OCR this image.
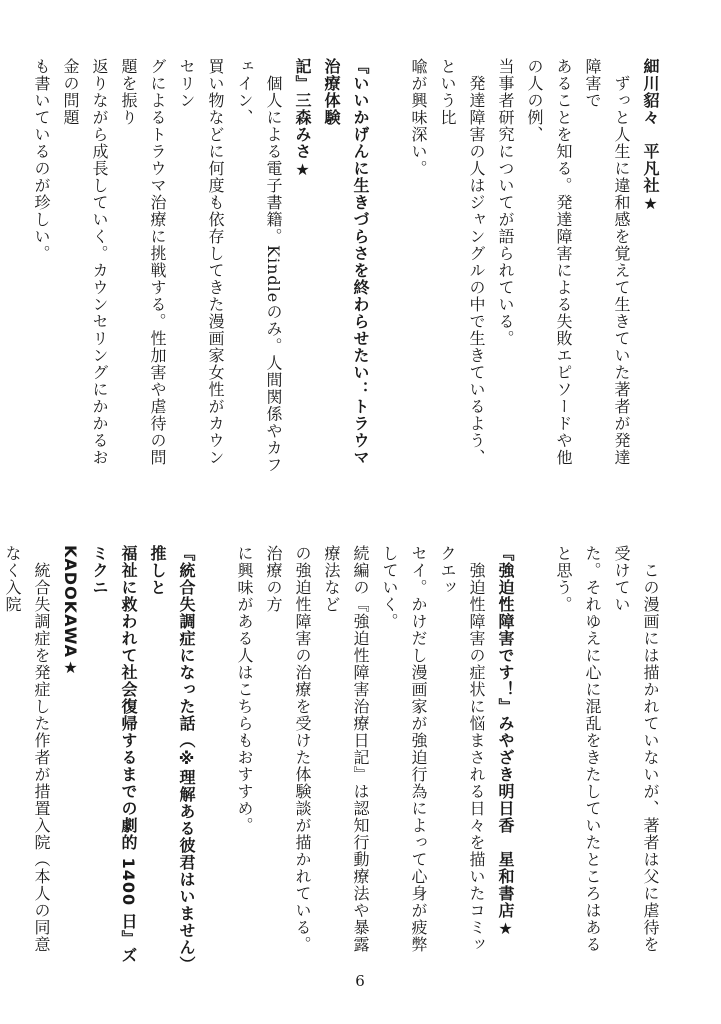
細川貂々　平凡社★
　ずっと人生に違和感を覚えて生きていた著者が発達障害で
あることを知る。発達障害による失敗エピソードや他の人の例、
当事者研究についてが語られている。
　発達障害の人はジャングルの中で生きているよう、という比
喩が興味深い。

『いいかげんに生きづらさを終わらせたい：トラウマ治療体験
記』三森みさ★
　個人による電子書籍。Kindleのみ。人間関係やカフェイン、
買い物などに何度も依存してきた漫画家女性がカウンセリン
グによるトラウマ治療に挑戦する。性加害や虐待の問題を振り
返りながら成長していく。カウンセリングにかかるお金の問題
も書いているのが珍しい。

　この漫画には描かれていないが、著者は父に虐待を受けてい
た。それゆえに心に混乱をきたしていたところはあると思う。

『強迫性障害です！』みやざき明日香　星和書店★
　強迫性障害の症状に悩まされる日々を描いたコミックエッ
セイ。かけだし漫画家が強迫行為によって心身が疲弊していく。
続編の『強迫性障害治療日記』は認知行動療法や暴露療法など
の強迫性障害の治療を受けた体験談が描かれている。治療の方
に興味がある人はこちらもおすすめ。

『統合失調症になった話（※理解ある彼君はいません）推しと
福祉に救われて社会復帰するまでの劇的 1400 日』ズミクニ
KADOKAWA★
　統合失調症を発症した作者が措置入院（本人の同意なく入院
6
